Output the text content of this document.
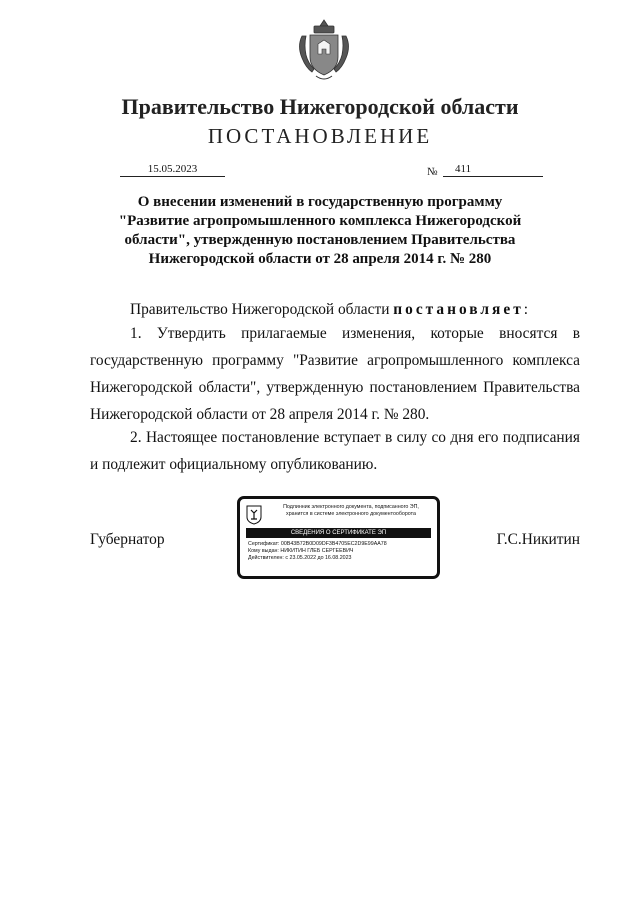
Правительство Нижегородской области
ПОСТАНОВЛЕНИЕ
15.05.2023	№	411
О внесении изменений в государственную программу "Развитие агропромышленного комплекса Нижегородской области", утвержденную постановлением Правительства Нижегородской области от 28 апреля 2014 г. № 280
Правительство Нижегородской области постановляет:
1. Утвердить прилагаемые изменения, которые вносятся в государственную программу "Развитие агропромышленного комплекса Нижегородской области", утвержденную постановлением Правительства Нижегородской области от 28 апреля 2014 г. № 280.
2. Настоящее постановление вступает в силу со дня его подписания и подлежит официальному опубликованию.
Губернатор	Г.С.Никитин
Подлинник электронного документа, подписанного ЭП,
хранится в системе электронного документооборота
СВЕДЕНИЯ О СЕРТИФИКАТЕ ЭП
Сертификат: 00B43B72B0D09DF3B4705EC2D9E99AA78
Кому выдан: НИКИТИН ГЛЕБ СЕРГЕЕВИЧ
Действителен: с 23.05.2022 до 16.08.2023
